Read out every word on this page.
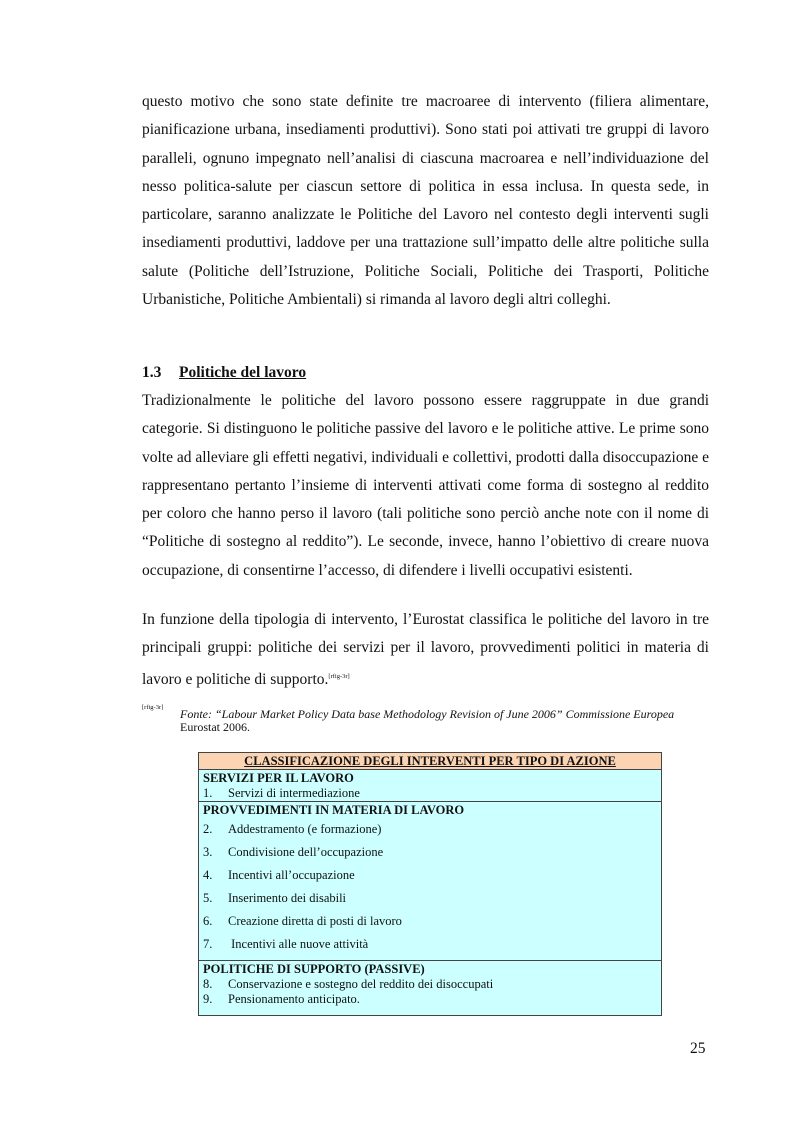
questo motivo che sono state definite tre macroaree di intervento (filiera alimentare, pianificazione urbana, insediamenti produttivi). Sono stati poi attivati tre gruppi di lavoro paralleli, ognuno impegnato nell’analisi di ciascuna macroarea e nell’individuazione del nesso politica-salute per ciascun settore di politica in essa inclusa. In questa sede, in particolare, saranno analizzate le Politiche del Lavoro nel contesto degli interventi sugli insediamenti produttivi, laddove per una trattazione sull’impatto delle altre politiche sulla salute (Politiche dell’Istruzione, Politiche Sociali, Politiche dei Trasporti, Politiche Urbanistiche, Politiche Ambientali) si rimanda al lavoro degli altri colleghi.

1.3 Politiche del lavoro

Tradizionalmente le politiche del lavoro possono essere raggruppate in due grandi categorie. Si distinguono le politiche passive del lavoro e le politiche attive. Le prime sono volte ad alleviare gli effetti negativi, individuali e collettivi, prodotti dalla disoccupazione e rappresentano pertanto l’insieme di interventi attivati come forma di sostegno al reddito per coloro che hanno perso il lavoro (tali politiche sono perciò anche note con il nome di “Politiche di sostegno al reddito”). Le seconde, invece, hanno l’obiettivo di creare nuova occupazione, di consentirne l’accesso, di difendere i livelli occupativi esistenti.

In funzione della tipologia di intervento, l’Eurostat classifica le politiche del lavoro in tre principali gruppi: politiche dei servizi per il lavoro, provvedimenti politici in materia di lavoro e politiche di supporto.[rfig-3r]

[rfig-3r] Fonte: “Labour Market Policy Data base Methodology Revision of June 2006” Commissione Europea
Eurostat 2006.
CLASSIFICAZIONE DEGLI INTERVENTI PER TIPO DI AZIONE
SERVIZI PER IL LAVORO
1.	Servizi di intermediazione
PROVVEDIMENTI IN MATERIA DI LAVORO
2.	Addestramento (e formazione)
3.	Condivisione dell’occupazione
4.	Incentivi all’occupazione
5.	Inserimento dei disabili
6.	Creazione diretta di posti di lavoro
7.	Incentivi alle nuove attività
POLITICHE DI SUPPORTO (PASSIVE)
8.	Conservazione e sostegno del reddito dei disoccupati
9.	Pensionamento anticipato.
25
